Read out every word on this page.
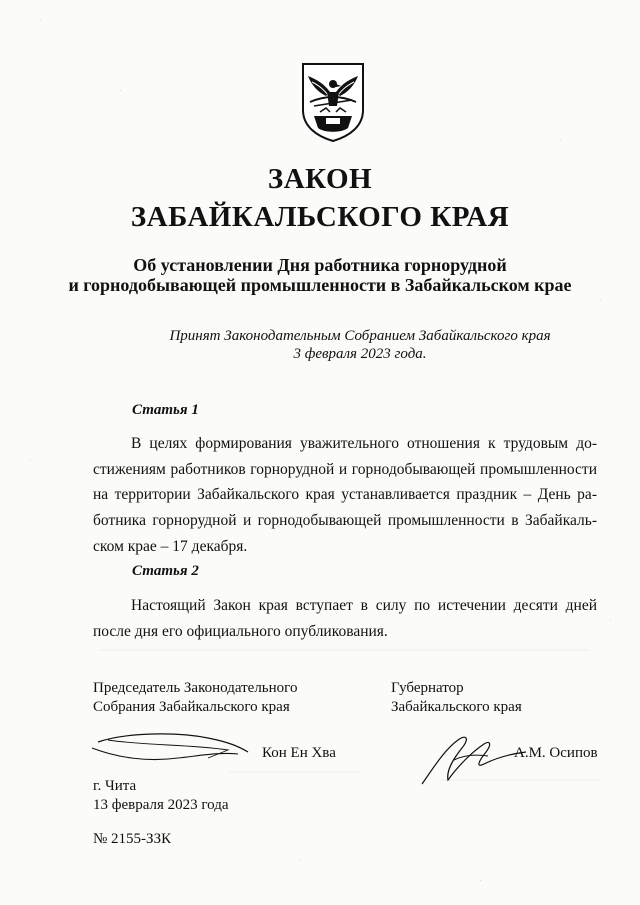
ЗАКОН
ЗАБАЙКАЛЬСКОГО КРАЯ
Об установлении Дня работника горнорудной
и горнодобывающей промышленности в Забайкальском крае
Принят Законодательным Собранием Забайкальского края
3 февраля 2023 года.
Статья 1
В целях формирования уважительного отношения к трудовым достижениям работников горнорудной и горнодобывающей промышленности на территории Забайкальского края устанавливается праздник – День работника горнорудной и горнодобывающей промышленности в Забайкальском крае – 17 декабря.
Статья 2
Настоящий Закон края вступает в силу по истечении десяти дней после дня его официального опубликования.
Председатель Законодательного
Собрания Забайкальского края
Губернатор
Забайкальского края
Кон Ен Хва	А.М. Осипов
г. Чита
13 февраля 2023 года
№ 2155-ЗЗК
